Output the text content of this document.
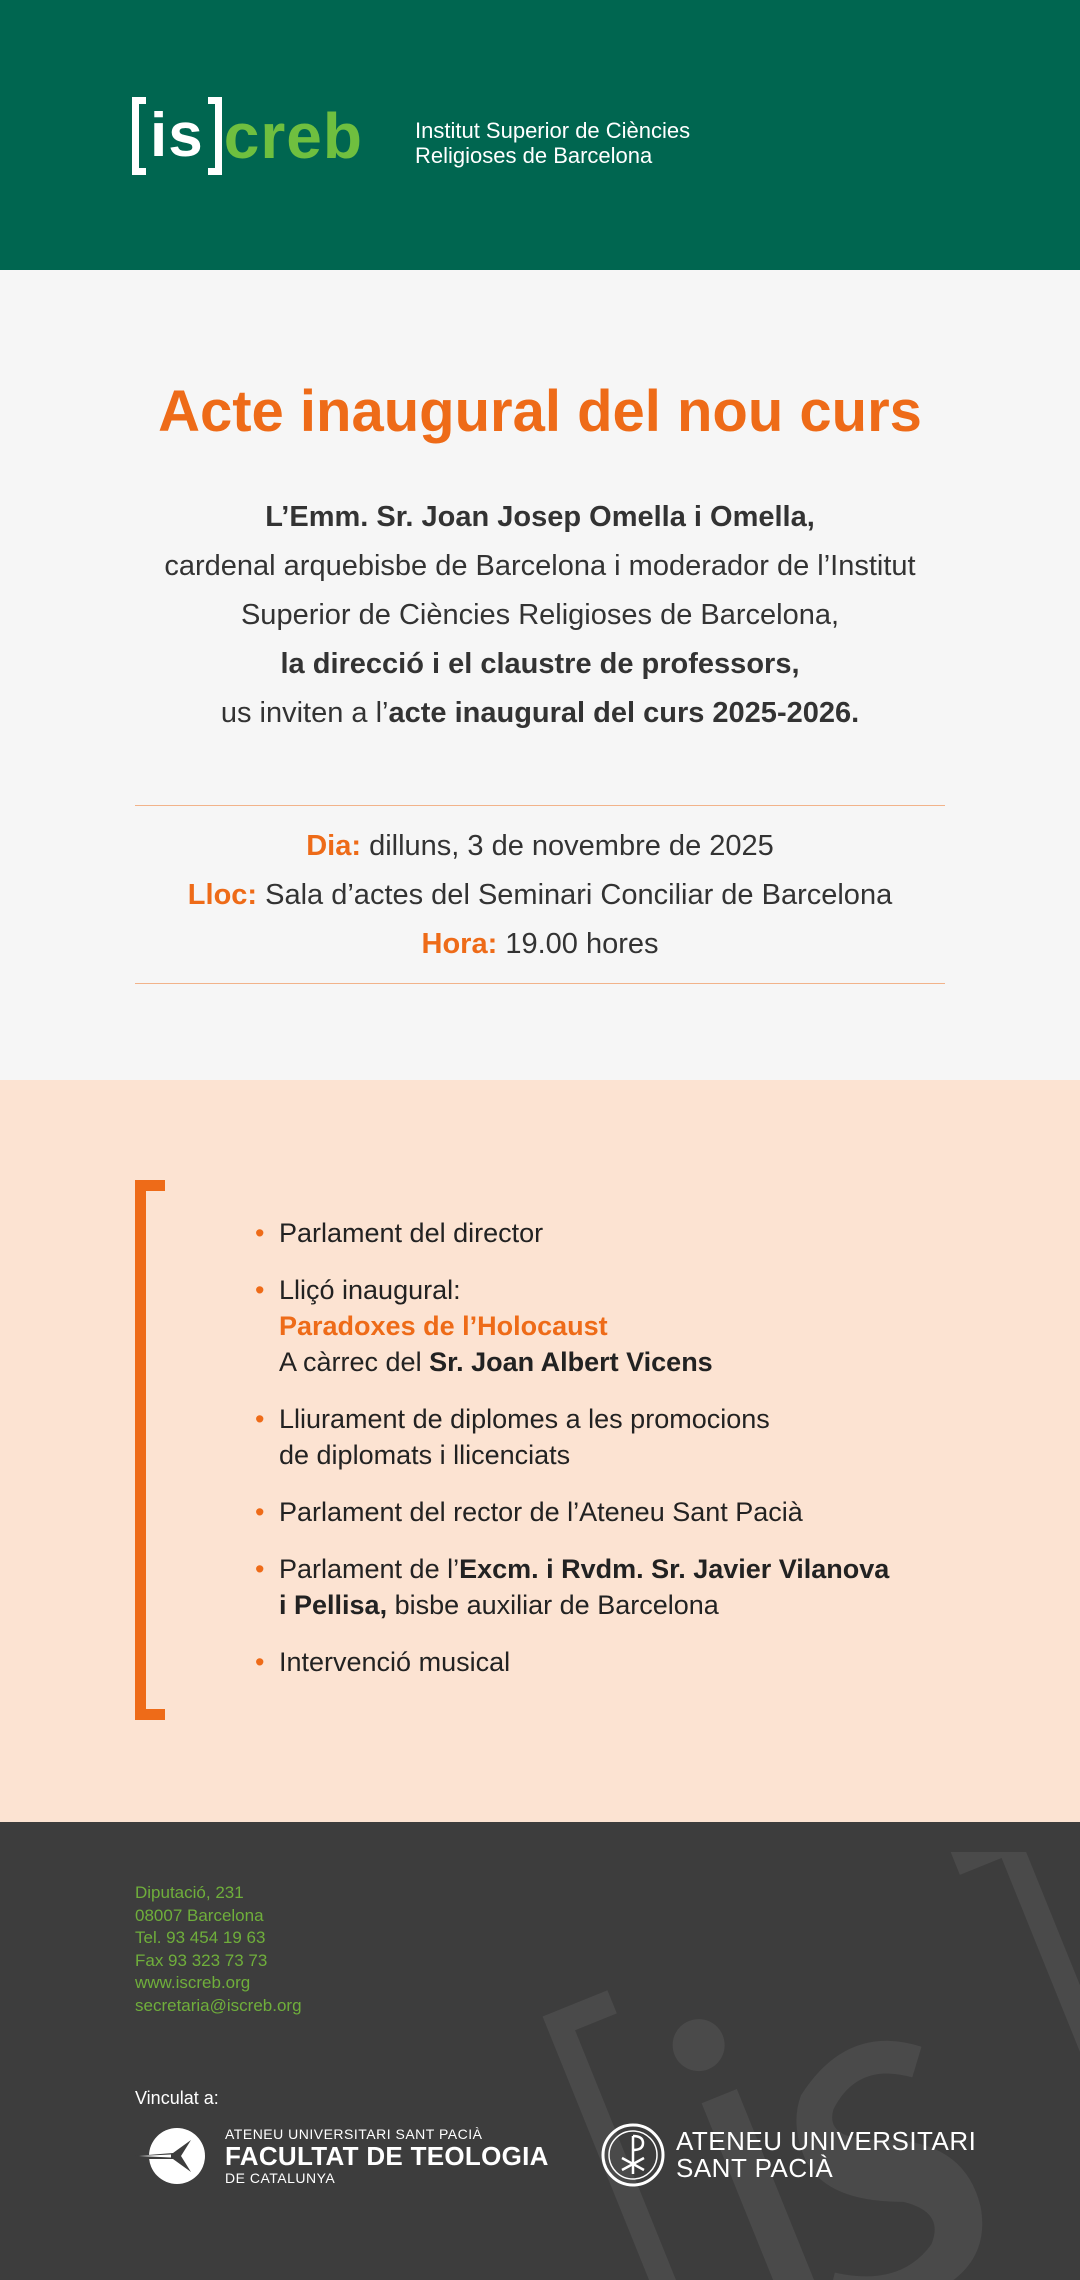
is creb Institut Superior de Ciències
Religioses de Barcelona
Acte inaugural del nou curs
L’Emm. Sr. Joan Josep Omella i Omella,
cardenal arquebisbe de Barcelona i moderador de l’Institut
Superior de Ciències Religioses de Barcelona,
la direcció i el claustre de professors,
us inviten a l’acte inaugural del curs 2025-2026.
Dia: dilluns, 3 de novembre de 2025
Lloc: Sala d’actes del Seminari Conciliar de Barcelona
Hora: 19.00 hores
• Parlament del director
• Lliçó inaugural:
Paradoxes de l’Holocaust
A càrrec del Sr. Joan Albert Vicens
• Lliurament de diplomes a les promocions
de diplomats i llicenciats
• Parlament del rector de l’Ateneu Sant Pacià
• Parlament de l’Excm. i Rvdm. Sr. Javier Vilanova
i Pellisa, bisbe auxiliar de Barcelona
• Intervenció musical
Diputació, 231
08007 Barcelona
Tel. 93 454 19 63
Fax 93 323 73 73
www.iscreb.org
secretaria@iscreb.org
Vinculat a:
ATENEU UNIVERSITARI SANT PACIÀ
FACULTAT DE TEOLOGIA
DE CATALUNYA
ATENEU UNIVERSITARI
SANT PACIÀ
